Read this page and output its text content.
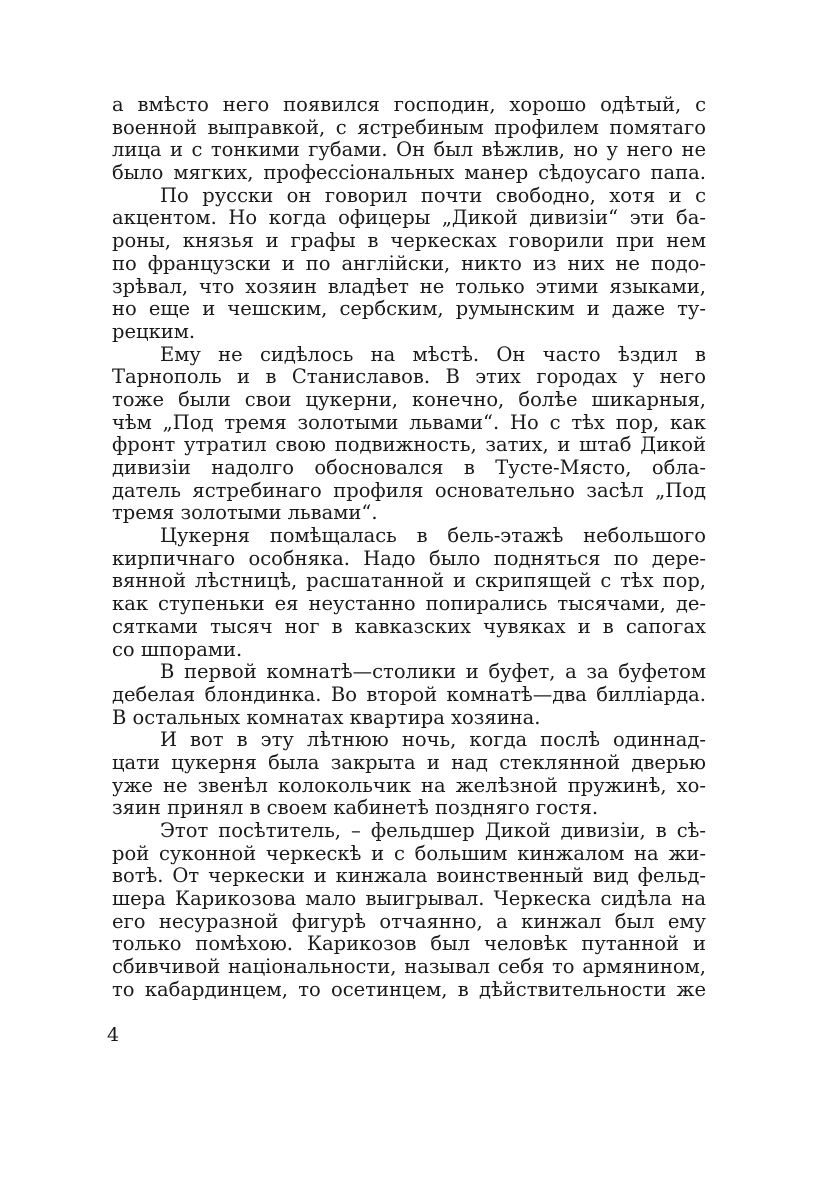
а вмѣсто него появился господин, хорошо одѣтый, с
военной выправкой, с ястребиным профилем помятаго
лица и с тонкими губами. Он был вѣжлив, но у него не
было мягких, профессіональных манер сѣдоусаго папа.
По русски он говорил почти свободно, хотя и с
акцентом. Но когда офицеры „Дикой дивизіи“ эти ба-
роны, князья и графы в черкесках говорили при нем
по французски и по англійски, никто из них не подо-
зрѣвал, что хозяин владѣет не только этими языками,
но еще и чешским, сербским, румынским и даже ту-
рецким.
Ему не сидѣлось на мѣстѣ. Он часто ѣздил в
Тарнополь и в Станиславов. В этих городах у него
тоже были свои цукерни, конечно, болѣе шикарныя,
чѣм „Под тремя золотыми львами“. Но с тѣх пор, как
фронт утратил свою подвижность, затих, и штаб Дикой
дивизіи надолго обосновался в Тусте-Място, обла-
датель ястребинаго профиля основательно засѣл „Под
тремя золотыми львами“.
Цукерня помѣщалась в бель-этажѣ небольшого
кирпичнаго особняка. Надо было подняться по дере-
вянной лѣстницѣ, расшатанной и скрипящей с тѣх пор,
как ступеньки ея неустанно попирались тысячами, де-
сятками тысяч ног в кавказских чувяках и в сапогах
со шпорами.
В первой комнатѣ—столики и буфет, а за буфетом
дебелая блондинка. Во второй комнатѣ—два билліарда.
В остальных комнатах квартира хозяина.
И вот в эту лѣтнюю ночь, когда послѣ одиннад-
цати цукерня была закрыта и над стеклянной дверью
уже не звенѣл колокольчик на желѣзной пружинѣ, хо-
зяин принял в своем кабинетѣ поздняго гостя.
Этот посѣтитель, – фельдшер Дикой дивизіи, в сѣ-
рой суконной черкескѣ и с большим кинжалом на жи-
вотѣ. От черкески и кинжала воинственный вид фельд-
шера Карикозова мало выигрывал. Черкеска сидѣла на
его несуразной фигурѣ отчаянно, а кинжал был ему
только помѣхою. Карикозов был человѣк путанной и
сбивчивой національности, называл себя то армянином,
то кабардинцем, то осетинцем, в дѣйствительности же
4
